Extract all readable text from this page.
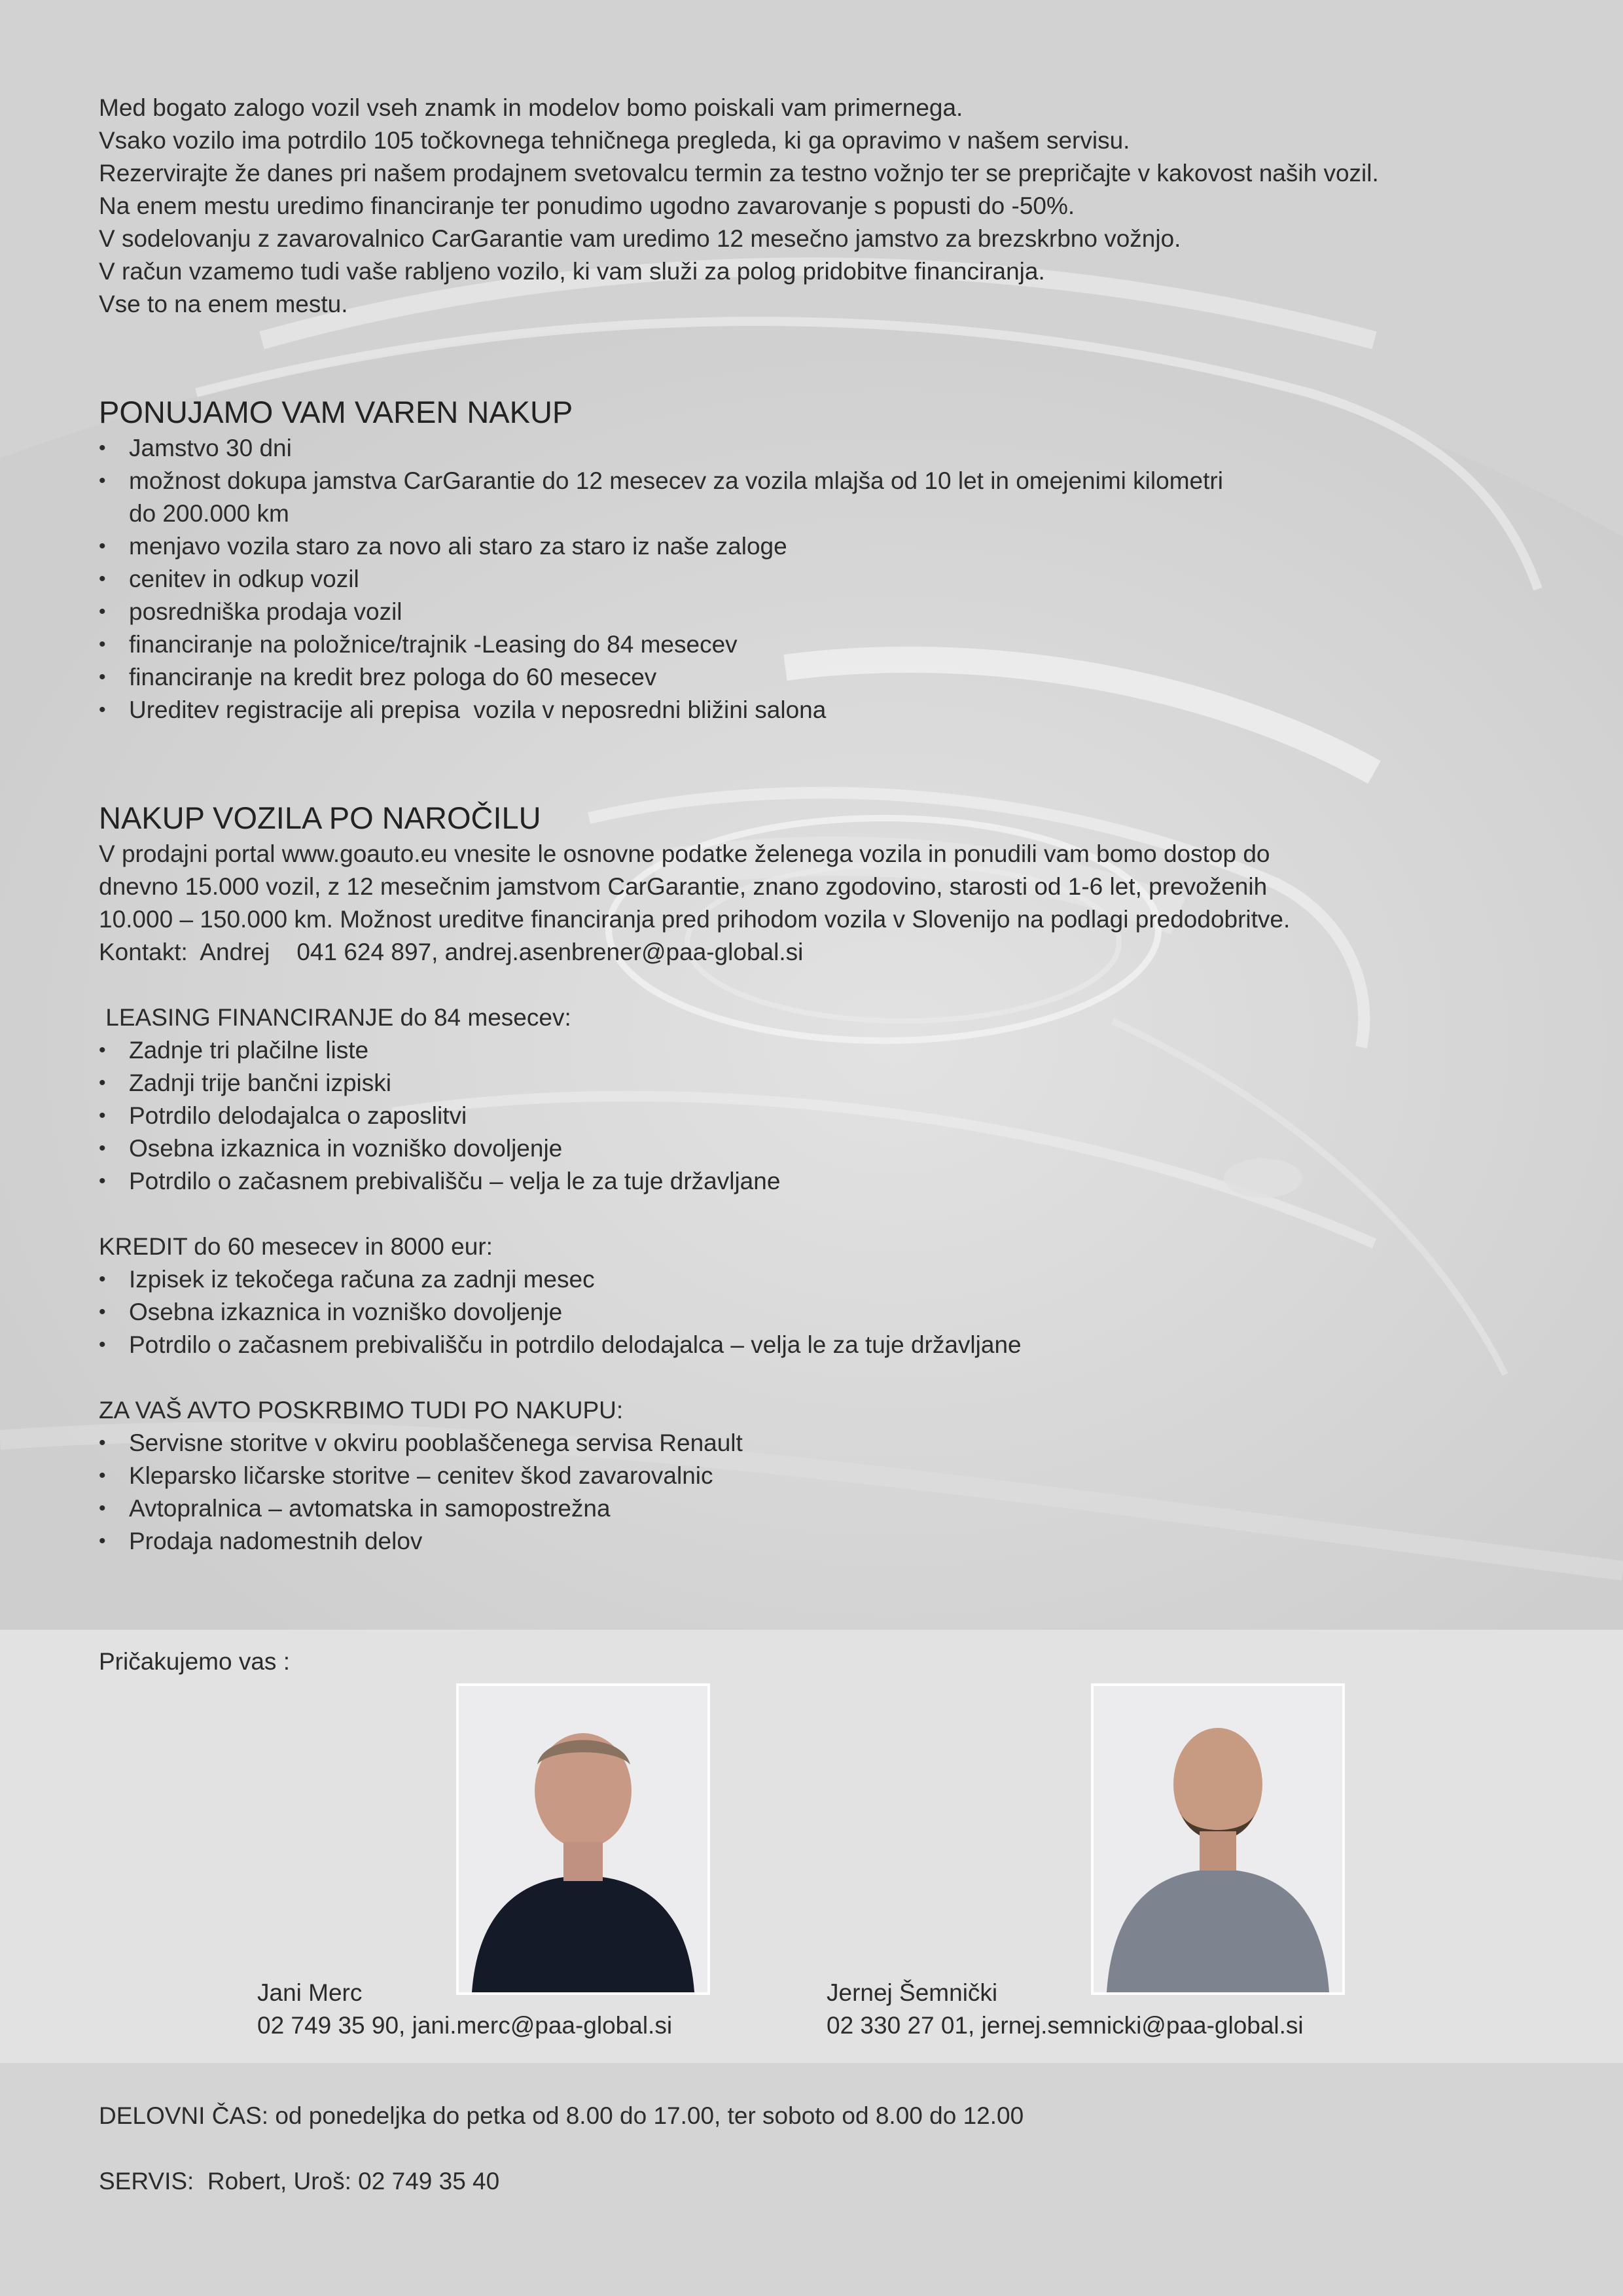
Med bogato zalogo vozil vseh znamk in modelov bomo poiskali vam primernega.
Vsako vozilo ima potrdilo 105 točkovnega tehničnega pregleda, ki ga opravimo v našem servisu.
Rezervirajte že danes pri našem prodajnem svetovalcu termin za testno vožnjo ter se prepričajte v kakovost naših vozil.
Na enem mestu uredimo financiranje ter ponudimo ugodno zavarovanje s popusti do -50%.
V sodelovanju z zavarovalnico CarGarantie vam uredimo 12 mesečno jamstvo za brezskrbno vožnjo.
V račun vzamemo tudi vaše rabljeno vozilo, ki vam služi za polog pridobitve financiranja.
Vse to na enem mestu.
PONUJAMO VAM VAREN NAKUP
• Jamstvo 30 dni
• možnost dokupa jamstva CarGarantie do 12 mesecev za vozila mlajša od 10 let in omejenimi kilometri do 200.000 km
• menjavo vozila staro za novo ali staro za staro iz naše zaloge
• cenitev in odkup vozil
• posredniška prodaja vozil
• financiranje na položnice/trajnik -Leasing do 84 mesecev
• financiranje na kredit brez pologa do 60 mesecev
• Ureditev registracije ali prepisa  vozila v neposredni bližini salona
NAKUP VOZILA PO NAROČILU
V prodajni portal www.goauto.eu vnesite le osnovne podatke želenega vozila in ponudili vam bomo dostop do
dnevno 15.000 vozil, z 12 mesečnim jamstvom CarGarantie, znano zgodovino, starosti od 1-6 let, prevoženih
10.000 – 150.000 km. Možnost ureditve financiranja pred prihodom vozila v Slovenijo na podlagi predodobritve.
Kontakt:  Andrej    041 624 897, andrej.asenbrener@paa-global.si
LEASING FINANCIRANJE do 84 mesecev:
• Zadnje tri plačilne liste
• Zadnji trije bančni izpiski
• Potrdilo delodajalca o zaposlitvi
• Osebna izkaznica in vozniško dovoljenje
• Potrdilo o začasnem prebivališču – velja le za tuje državljane
KREDIT do 60 mesecev in 8000 eur:
• Izpisek iz tekočega računa za zadnji mesec
• Osebna izkaznica in vozniško dovoljenje
• Potrdilo o začasnem prebivališču in potrdilo delodajalca – velja le za tuje državljane
ZA VAŠ AVTO POSKRBIMO TUDI PO NAKUPU:
• Servisne storitve v okviru pooblaščenega servisa Renault
• Kleparsko ličarske storitve – cenitev škod zavarovalnic
• Avtopralnica – avtomatska in samopostrežna
• Prodaja nadomestnih delov
Pričakujemo vas :
Jani Merc
02 749 35 90, jani.merc@paa-global.si
Jernej Šemnički
02 330 27 01, jernej.semnicki@paa-global.si
DELOVNI ČAS: od ponedeljka do petka od 8.00 do 17.00, ter soboto od 8.00 do 12.00
SERVIS:  Robert, Uroš: 02 749 35 40
